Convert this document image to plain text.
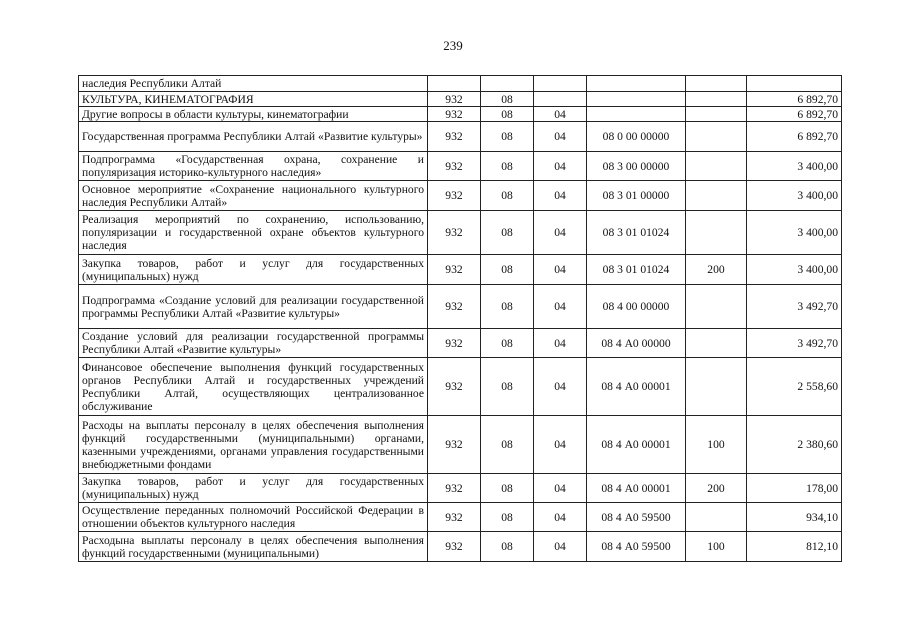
239
наследия Республики Алтай						
КУЛЬТУРА, КИНЕМАТОГРАФИЯ	932	08				6 892,70
Другие вопросы в области культуры, кинематографии	932	08	04			6 892,70
Государственная программа Республики Алтай «Развитие культуры»	932	08	04	08 0 00 00000		6 892,70
Подпрограмма «Государственная охрана, сохранение и популяризация историко-культурного наследия»	932	08	04	08 3 00 00000		3 400,00
Основное мероприятие «Сохранение национального культурного наследия Республики Алтай»	932	08	04	08 3 01 00000		3 400,00
Реализация мероприятий по сохранению, использованию, популяризации и государственной охране объектов культурного наследия	932	08	04	08 3 01 01024		3 400,00
Закупка товаров, работ и услуг для государственных (муниципальных) нужд	932	08	04	08 3 01 01024	200	3 400,00
Подпрограмма «Создание условий для реализации государственной программы Республики Алтай «Развитие культуры»	932	08	04	08 4 00 00000		3 492,70
Создание условий для реализации государственной программы Республики Алтай «Развитие культуры»	932	08	04	08 4 А0 00000		3 492,70
Финансовое обеспечение выполнения функций государственных органов Республики Алтай и государственных учреждений Республики Алтай, осуществляющих централизованное обслуживание	932	08	04	08 4 А0 00001		2 558,60
Расходы на выплаты персоналу в целях обеспечения выполнения функций государственными (муниципальными) органами, казенными учреждениями, органами управления государственными внебюджетными фондами	932	08	04	08 4 А0 00001	100	2 380,60
Закупка товаров, работ и услуг для государственных (муниципальных) нужд	932	08	04	08 4 А0 00001	200	178,00
Осуществление переданных полномочий Российской Федерации в отношении объектов культурного наследия	932	08	04	08 4 А0 59500		934,10
Расходына выплаты персоналу в целях обеспечения выполнения функций государственными (муниципальными)	932	08	04	08 4 А0 59500	100	812,10
